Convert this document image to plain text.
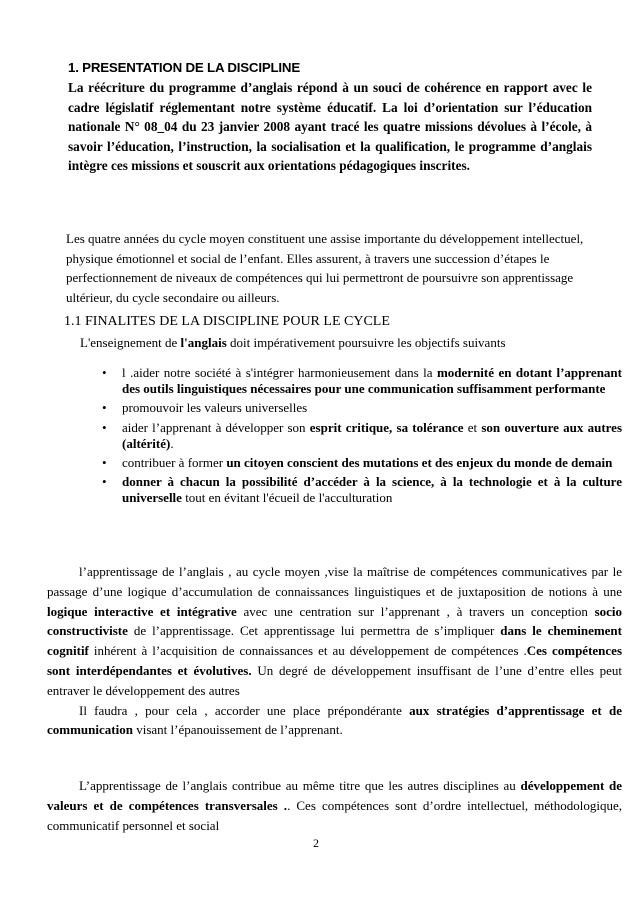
1. PRESENTATION DE LA DISCIPLINE
La réécriture du programme d’anglais répond à un souci de cohérence en rapport avec le cadre législatif réglementant notre système éducatif. La loi d’orientation sur l’éducation nationale N° 08_04 du 23 janvier 2008 ayant tracé les quatre missions dévolues à l’école, à savoir l’éducation, l’instruction, la socialisation et la qualification, le programme d’anglais intègre ces missions et souscrit aux orientations pédagogiques inscrites.
Les quatre années du cycle moyen constituent une assise importante du développement intellectuel, physique émotionnel et social de l’enfant. Elles assurent, à travers une succession d’étapes le perfectionnement de niveaux de compétences qui lui permettront de poursuivre son apprentissage ultérieur, du cycle secondaire ou ailleurs.
1.1 FINALITES DE LA DISCIPLINE POUR LE CYCLE
L'enseignement de l'anglais doit impérativement poursuivre les objectifs suivants
• l .aider notre société à s'intégrer harmonieusement dans la modernité en dotant l’apprenant des outils linguistiques nécessaires pour une communication suffisamment performante
• promouvoir les valeurs universelles
• aider l’apprenant à développer son esprit critique, sa tolérance et son ouverture aux autres (altérité).
• contribuer à former un citoyen conscient des mutations et des enjeux du monde de demain
• donner à chacun la possibilité d’accéder à la science, à la technologie et à la culture universelle tout en évitant l'écueil de l'acculturation

l’apprentissage de l’anglais , au cycle moyen ,vise la maîtrise de compétences communicatives par le passage d’une logique d’accumulation de connaissances linguistiques et de juxtaposition de notions à une logique interactive et intégrative avec une centration sur l’apprenant , à travers un conception socio constructiviste de l’apprentissage. Cet apprentissage lui permettra de s’impliquer dans le cheminement cognitif inhérent à l’acquisition de connaissances et au développement de compétences .Ces compétences sont interdépendantes et évolutives. Un degré de développement insuffisant de l’une d’entre elles peut entraver le développement des autres

Il faudra , pour cela , accorder une place prépondérante aux stratégies d’apprentissage et de communication visant l’épanouissement de l’apprenant.

L’apprentissage de l’anglais contribue au même titre que les autres disciplines au développement de valeurs et de compétences transversales .. Ces compétences sont d’ordre intellectuel, méthodologique, communicatif personnel et social

2
